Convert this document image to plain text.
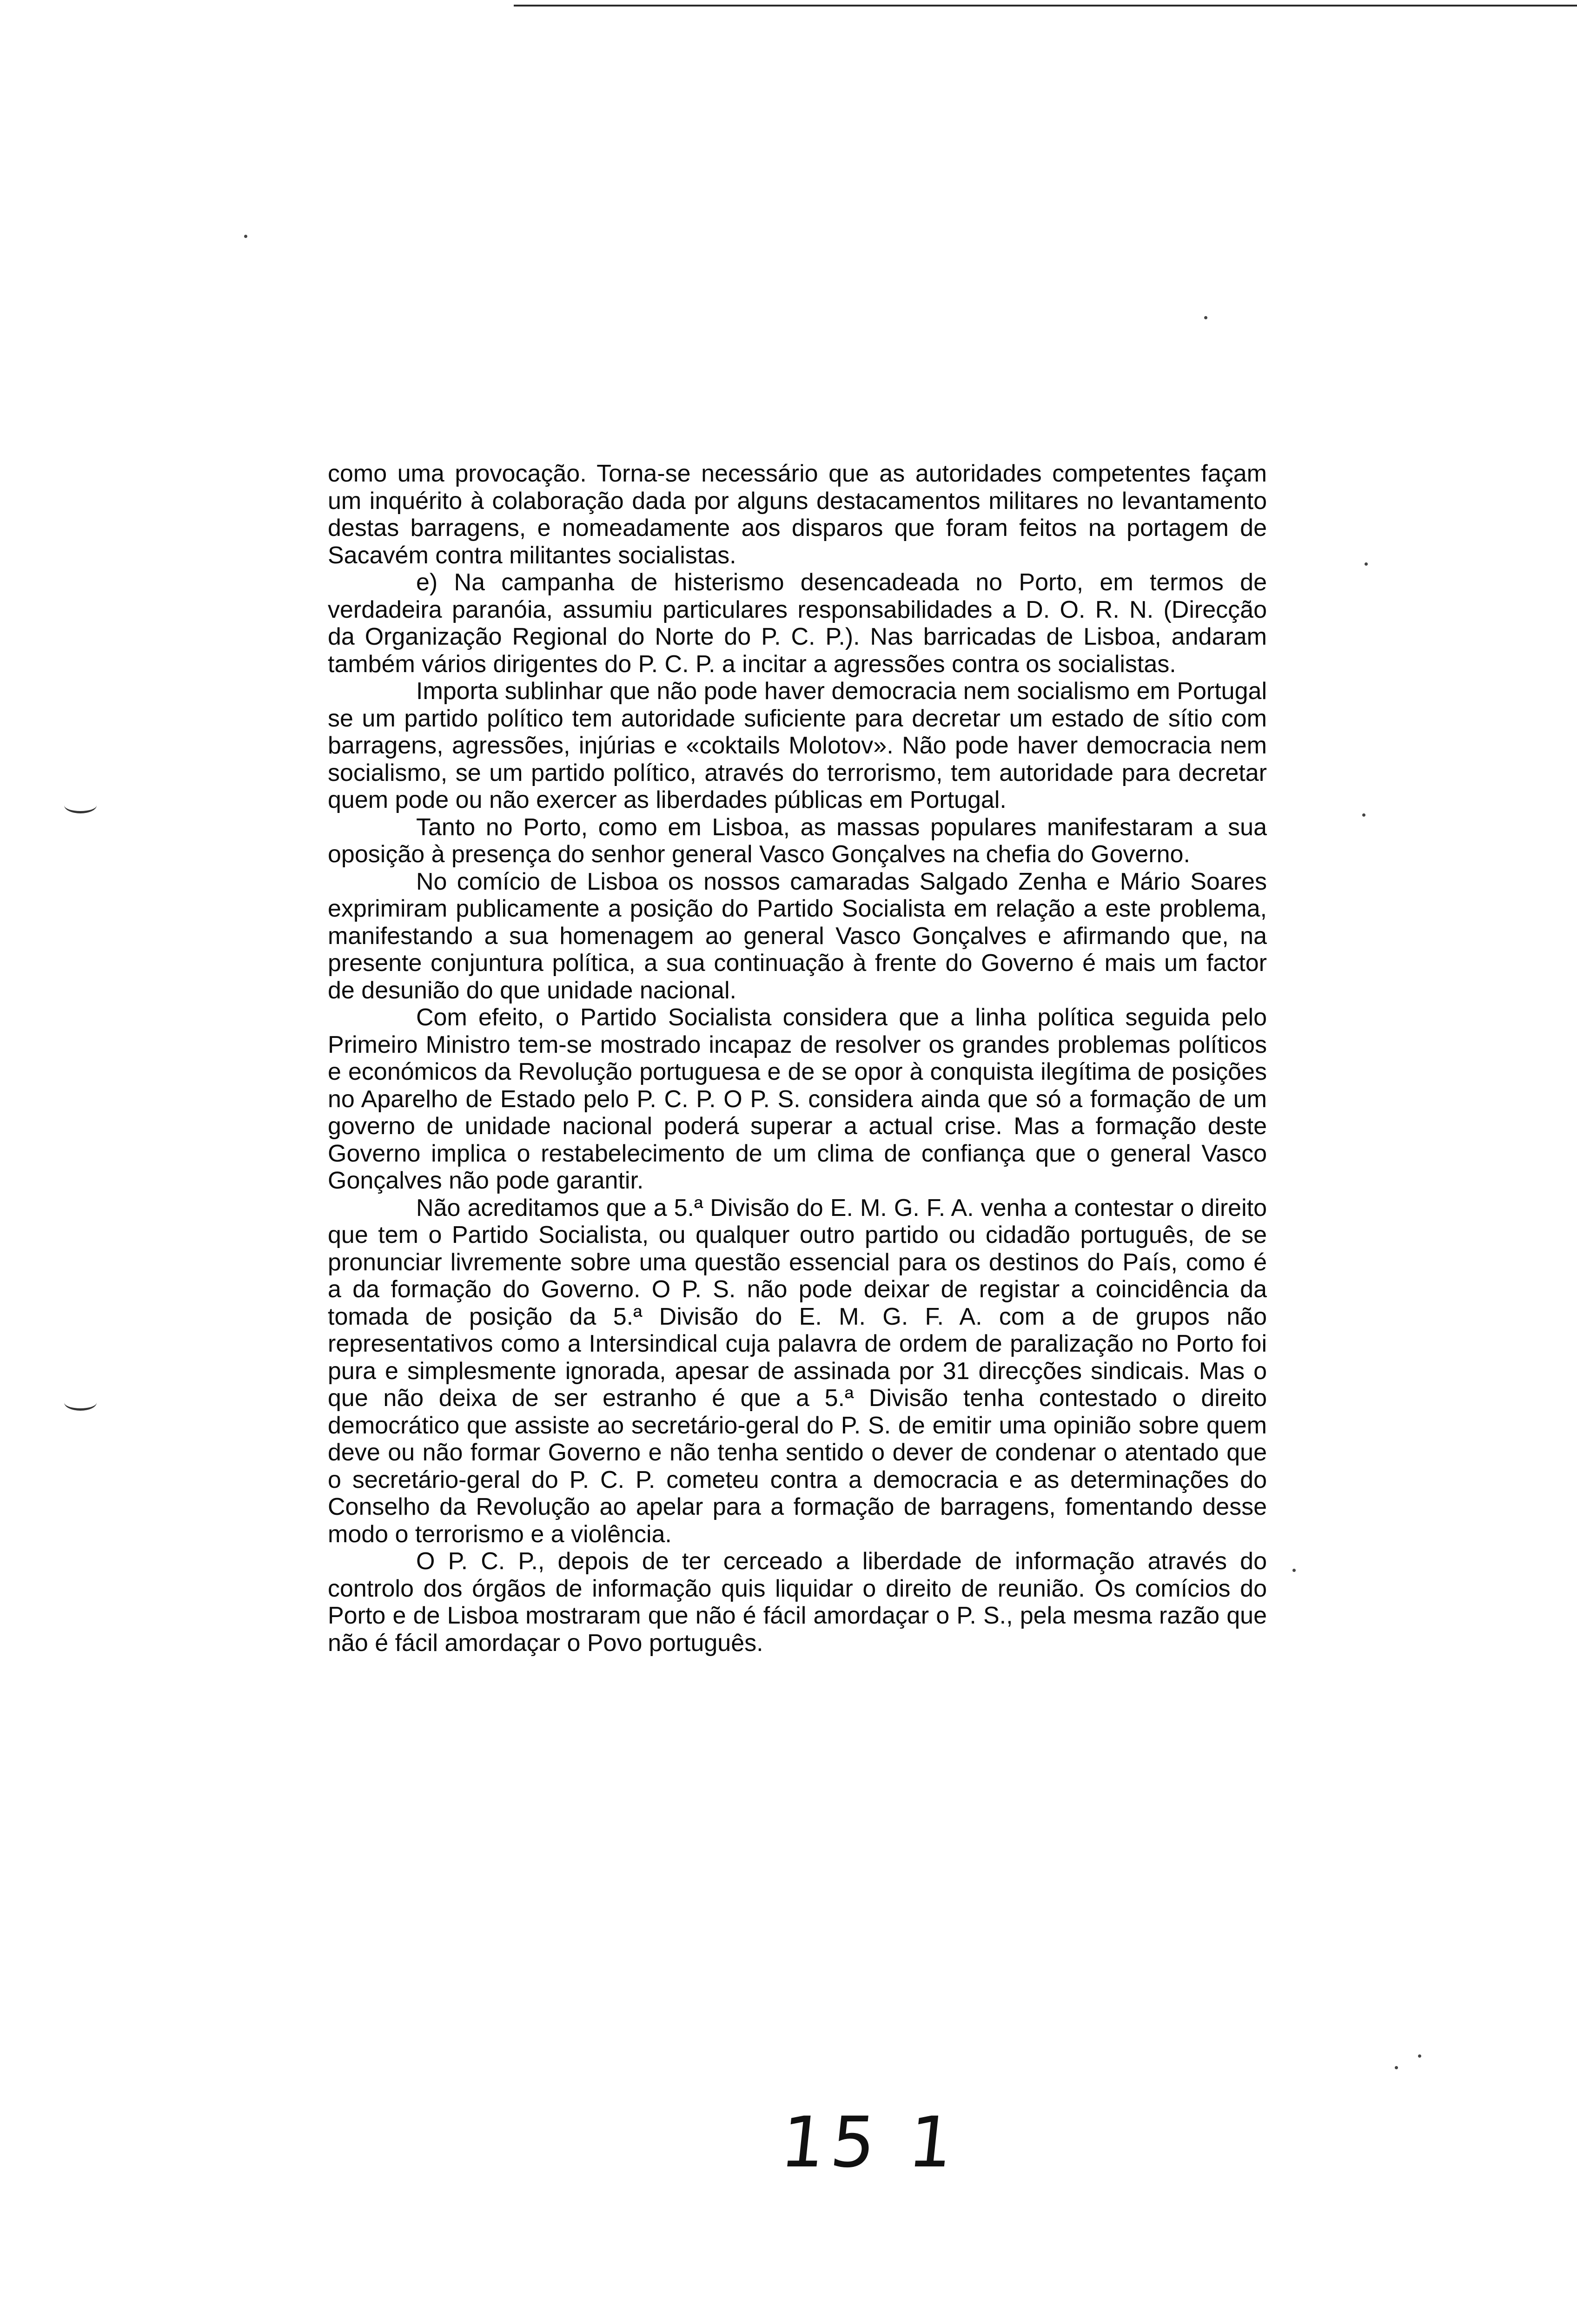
como uma provocação. Torna-se necessário que as autoridades competentes façam um inquérito à colaboração dada por alguns destacamentos militares no levantamento destas barragens, e nomeadamente aos disparos que foram feitos na portagem de Sacavém contra militantes socialistas.

e) Na campanha de histerismo desencadeada no Porto, em termos de verdadeira paranóia, assumiu particulares responsabilidades a D. O. R. N. (Direcção da Organização Regional do Norte do P. C. P.). Nas barricadas de Lisboa, andaram também vários dirigentes do P. C. P. a incitar a agressões contra os socialistas.

Importa sublinhar que não pode haver democracia nem socialismo em Portugal se um partido político tem autoridade suficiente para decretar um estado de sítio com barragens, agressões, injúrias e «coktails Molotov». Não pode haver democracia nem socialismo, se um partido político, através do terrorismo, tem autoridade para decretar quem pode ou não exercer as liberdades públicas em Portugal.

Tanto no Porto, como em Lisboa, as massas populares manifestaram a sua oposição à presença do senhor general Vasco Gonçalves na chefia do Governo.

No comício de Lisboa os nossos camaradas Salgado Zenha e Mário Soares exprimiram publicamente a posição do Partido Socialista em relação a este problema, manifestando a sua homenagem ao general Vasco Gonçalves e afirmando que, na presente conjuntura política, a sua continuação à frente do Governo é mais um factor de desunião do que unidade nacional.

Com efeito, o Partido Socialista considera que a linha política seguida pelo Primeiro Ministro tem-se mostrado incapaz de resolver os grandes problemas políticos e económicos da Revolução portuguesa e de se opor à conquista ilegítima de posições no Aparelho de Estado pelo P. C. P. O P. S. considera ainda que só a formação de um governo de unidade nacional poderá superar a actual crise. Mas a formação deste Governo implica o restabelecimento de um clima de confiança que o general Vasco Gonçalves não pode garantir.

Não acreditamos que a 5.ª Divisão do E. M. G. F. A. venha a contestar o direito que tem o Partido Socialista, ou qualquer outro partido ou cidadão português, de se pronunciar livremente sobre uma questão essencial para os destinos do País, como é a da formação do Governo. O P. S. não pode deixar de registar a coincidência da tomada de posição da 5.ª Divisão do E. M. G. F. A. com a de grupos não representativos como a Intersindical cuja palavra de ordem de paralização no Porto foi pura e simplesmente ignorada, apesar de assinada por 31 direcções sindicais. Mas o que não deixa de ser estranho é que a 5.ª Divisão tenha contestado o direito democrático que assiste ao secretário-geral do P. S. de emitir uma opinião sobre quem deve ou não formar Governo e não tenha sentido o dever de condenar o atentado que o secretário-geral do P. C. P. cometeu contra a democracia e as determinações do Conselho da Revolução ao apelar para a formação de barragens, fomentando desse modo o terrorismo e a violência.

O P. C. P., depois de ter cerceado a liberdade de informação através do controlo dos órgãos de informação quis liquidar o direito de reunião. Os comícios do Porto e de Lisboa mostraram que não é fácil amordaçar o P. S., pela mesma razão que não é fácil amordaçar o Povo português.

15 1
